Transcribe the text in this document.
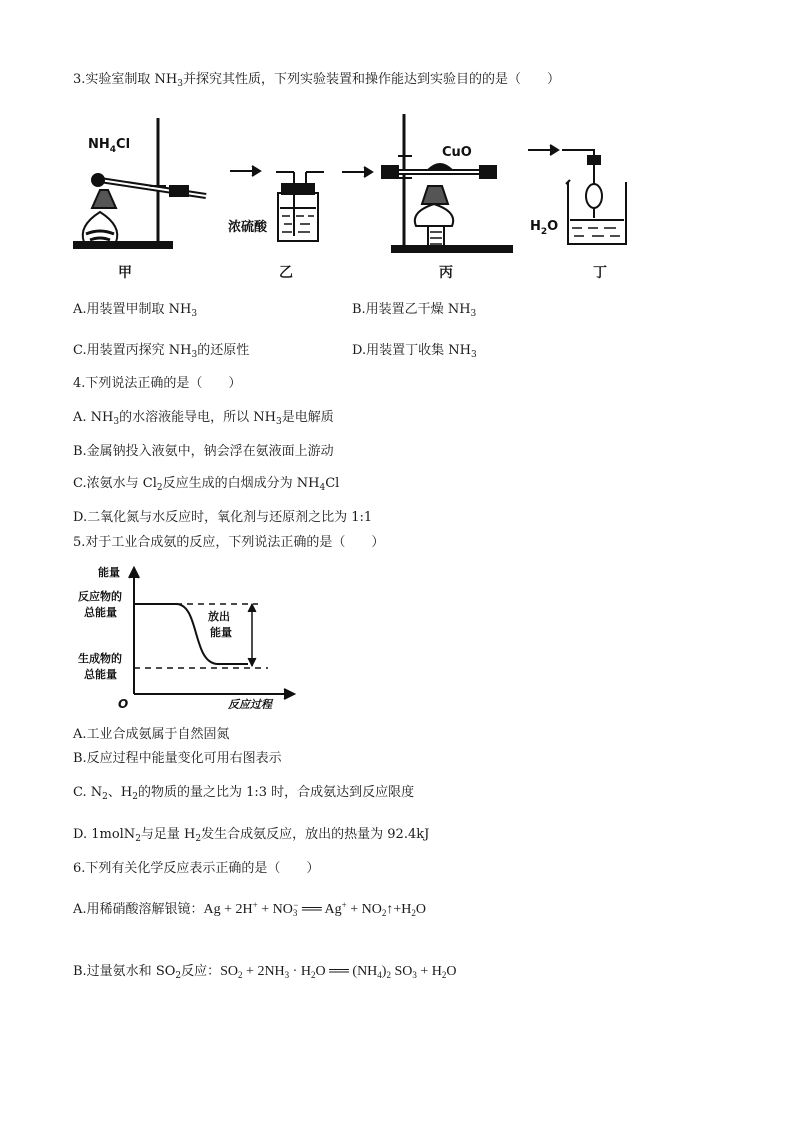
3.实验室制取 $NH_3$并探究其性质，下列实验装置和操作能达到实验目的的是（　　）
$NH_4Cl$
浓硫酸
CuO
$H_2O$
甲	乙	丙	丁
A.用装置甲制取 $NH_3$	B.用装置乙干燥 $NH_3$
C.用装置丙探究 $NH_3$的还原性	D.用装置丁收集 $NH_3$
4.下列说法正确的是（　　）
A. $NH_3$的水溶液能导电，所以 $NH_3$是电解质
B.金属钠投入液氨中，钠会浮在氨液面上游动
C.浓氨水与 $Cl_2$反应生成的白烟成分为 $NH_4Cl$
D.二氧化氮与水反应时，氧化剂与还原剂之比为 1:1
5.对于工业合成氨的反应，下列说法正确的是（　　）
能量
反应物的
总能量
生成物的
总能量
O	反应过程
放出
能量
A.工业合成氨属于自然固氮
B.反应过程中能量变化可用右图表示
C. $N_2$、$H_2$的物质的量之比为 1:3 时，合成氨达到反应限度
D. 1molN$_2$与足量 $H_2$发生合成氨反应，放出的热量为 92.4kJ
6.下列有关化学反应表示正确的是（　　）
A.用稀硝酸溶解银镜：$Ag + 2H^+ + NO_3^-$ ══ $Ag^+ + NO_2↑+H_2O$
B.过量氨水和 $SO_2$反应：$SO_2 + 2NH_3 \cdot H_2O$ ══ $(NH_4)_2$ $SO_3 + H_2O$
